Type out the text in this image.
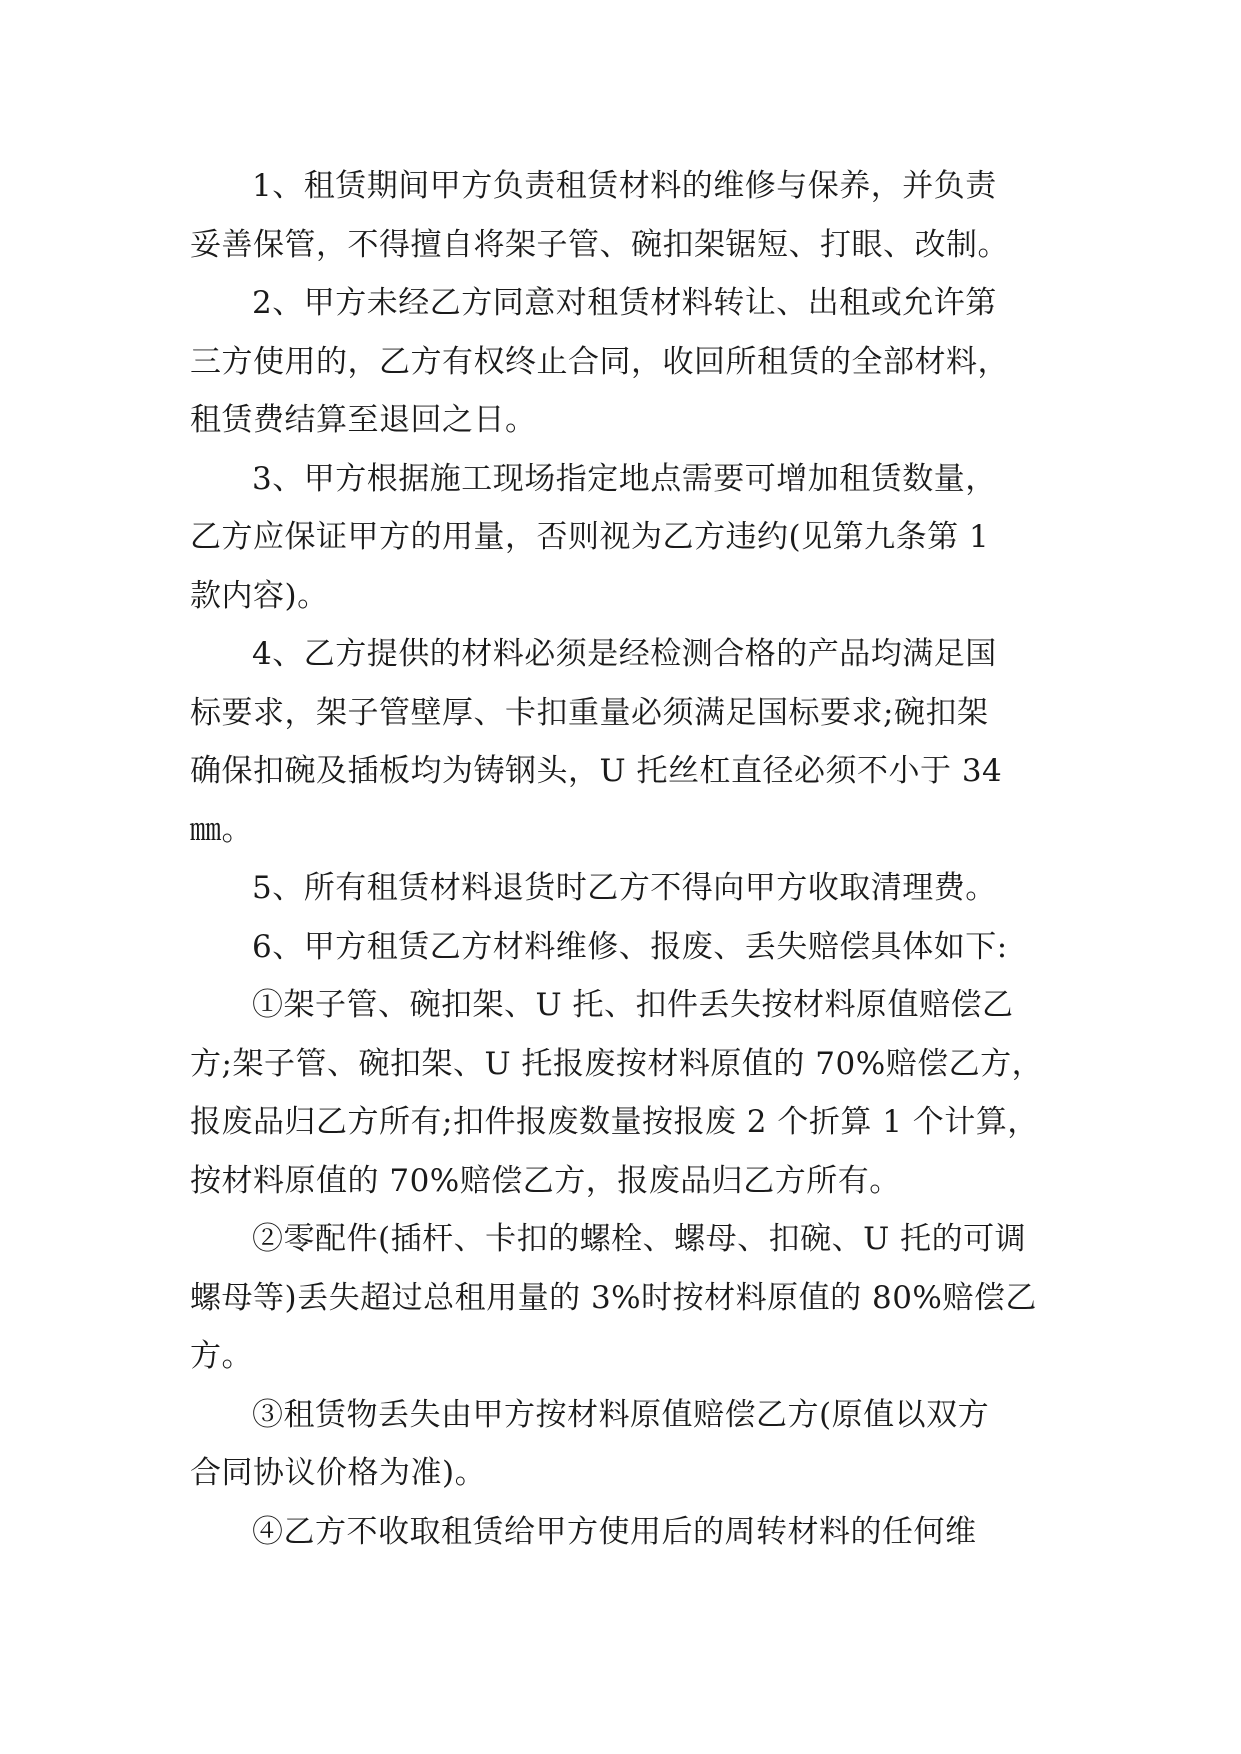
1、租赁期间甲方负责租赁材料的维修与保养，并负责
妥善保管，不得擅自将架子管、碗扣架锯短、打眼、改制。
2、甲方未经乙方同意对租赁材料转让、出租或允许第
三方使用的，乙方有权终止合同，收回所租赁的全部材料，
租赁费结算至退回之日。
3、甲方根据施工现场指定地点需要可增加租赁数量，
乙方应保证甲方的用量，否则视为乙方违约(见第九条第 1
款内容)。
4、乙方提供的材料必须是经检测合格的产品均满足国
标要求，架子管壁厚、卡扣重量必须满足国标要求;碗扣架
确保扣碗及插板均为铸钢头，U 托丝杠直径必须不小于 34
㎜。
5、所有租赁材料退货时乙方不得向甲方收取清理费。
6、甲方租赁乙方材料维修、报废、丢失赔偿具体如下:
①架子管、碗扣架、U 托、扣件丢失按材料原值赔偿乙
方;架子管、碗扣架、U 托报废按材料原值的 70%赔偿乙方，
报废品归乙方所有;扣件报废数量按报废 2 个折算 1 个计算，
按材料原值的 70%赔偿乙方，报废品归乙方所有。
②零配件(插杆、卡扣的螺栓、螺母、扣碗、U 托的可调
螺母等)丢失超过总租用量的 3%时按材料原值的 80%赔偿乙
方。
③租赁物丢失由甲方按材料原值赔偿乙方(原值以双方
合同协议价格为准)。
④乙方不收取租赁给甲方使用后的周转材料的任何维
